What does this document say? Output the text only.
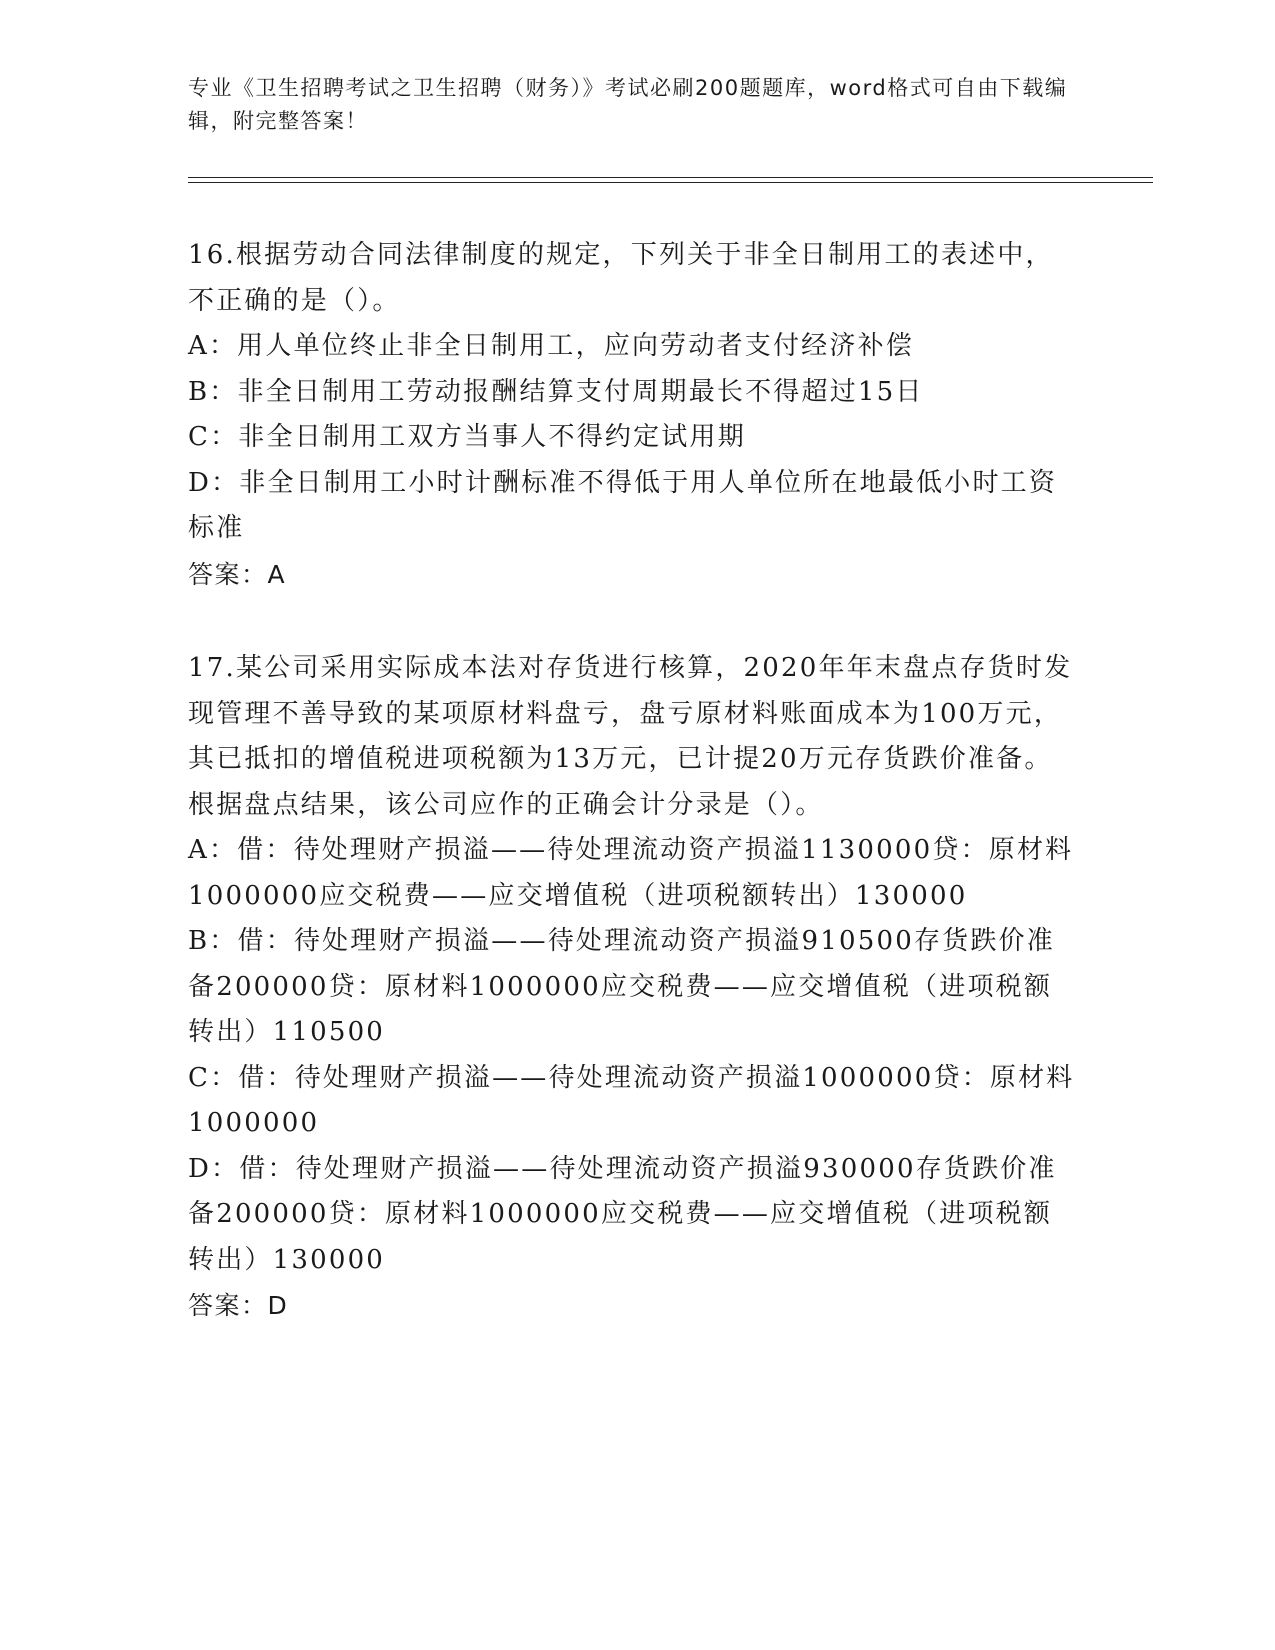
专业《卫生招聘考试之卫生招聘（财务）》考试必刷200题题库，word格式可自由下载编辑，附完整答案！

16.根据劳动合同法律制度的规定，下列关于非全日制用工的表述中，不正确的是（）。

A：用人单位终止非全日制用工，应向劳动者支付经济补偿

B：非全日制用工劳动报酬结算支付周期最长不得超过15日

C：非全日制用工双方当事人不得约定试用期

D：非全日制用工小时计酬标准不得低于用人单位所在地最低小时工资标准

答案：A

17.某公司采用实际成本法对存货进行核算，2020年年末盘点存货时发现管理不善导致的某项原材料盘亏，盘亏原材料账面成本为100万元，其已抵扣的增值税进项税额为13万元，已计提20万元存货跌价准备。根据盘点结果，该公司应作的正确会计分录是（）。

A：借：待处理财产损溢——待处理流动资产损溢1130000贷：原材料1000000应交税费——应交增值税（进项税额转出）130000

B：借：待处理财产损溢——待处理流动资产损溢910500存货跌价准备200000贷：原材料1000000应交税费——应交增值税（进项税额转出）110500

C：借：待处理财产损溢——待处理流动资产损溢1000000贷：原材料1000000

D：借：待处理财产损溢——待处理流动资产损溢930000存货跌价准备200000贷：原材料1000000应交税费——应交增值税（进项税额转出）130000

答案：D
